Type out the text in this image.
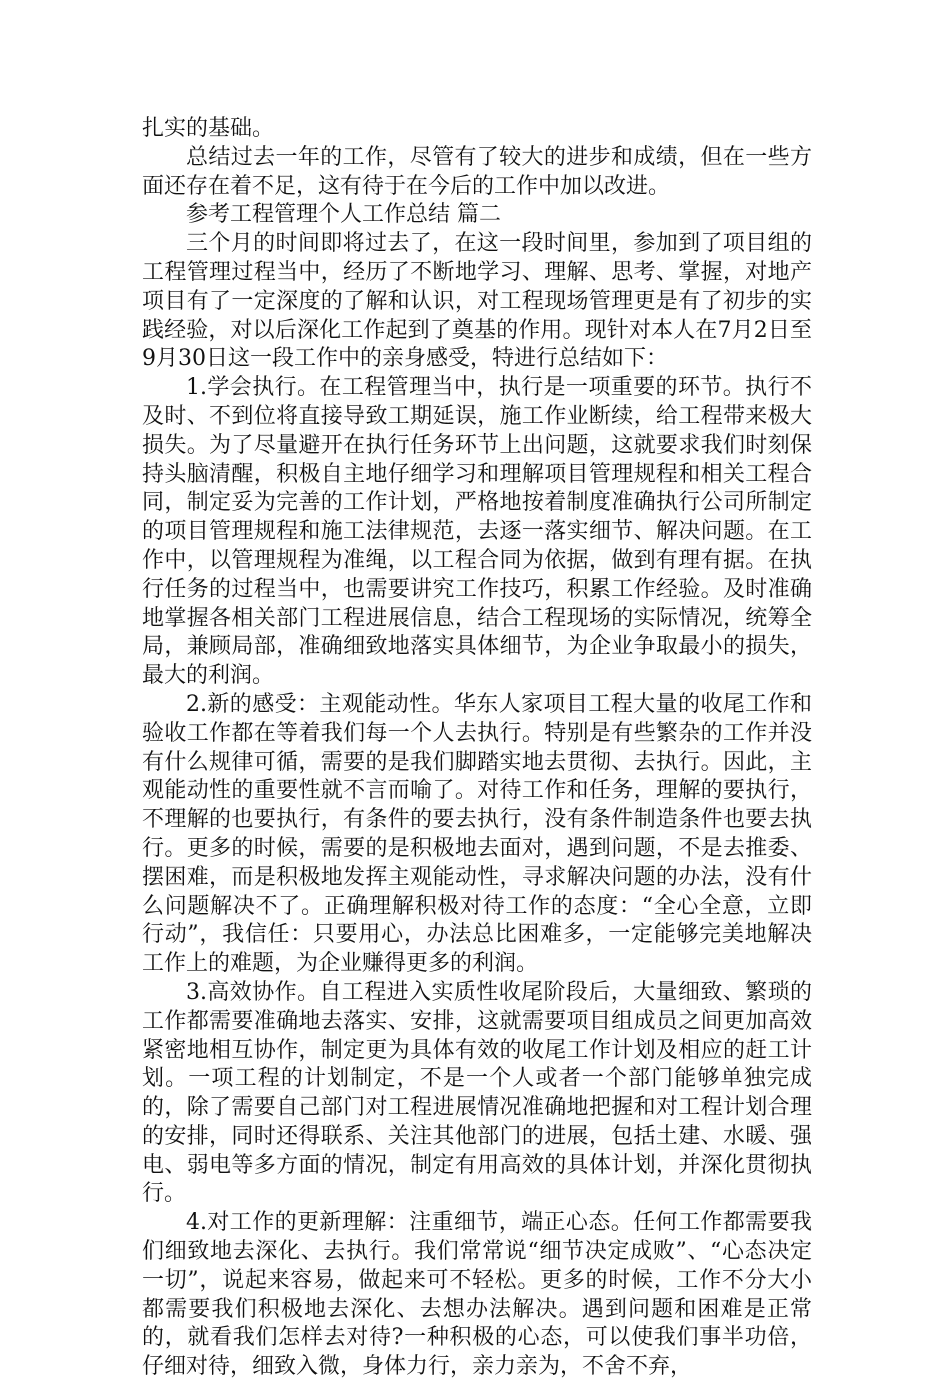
扎实的基础。

总结过去一年的工作，尽管有了较大的进步和成绩，但在一些方面还存在着不足，这有待于在今后的工作中加以改进。

参考工程管理个人工作总结 篇二

三个月的时间即将过去了，在这一段时间里，参加到了项目组的工程管理过程当中，经历了不断地学习、理解、思考、掌握，对地产项目有了一定深度的了解和认识，对工程现场管理更是有了初步的实践经验，对以后深化工作起到了奠基的作用。现针对本人在7月2日至9月30日这一段工作中的亲身感受，特进行总结如下：

1.学会执行。在工程管理当中，执行是一项重要的环节。执行不及时、不到位将直接导致工期延误，施工作业断续，给工程带来极大损失。为了尽量避开在执行任务环节上出问题，这就要求我们时刻保持头脑清醒，积极自主地仔细学习和理解项目管理规程和相关工程合同，制定妥为完善的工作计划，严格地按着制度准确执行公司所制定的项目管理规程和施工法律规范，去逐一落实细节、解决问题。在工作中，以管理规程为准绳，以工程合同为依据，做到有理有据。在执行任务的过程当中，也需要讲究工作技巧，积累工作经验。及时准确地掌握各相关部门工程进展信息，结合工程现场的实际情况，统筹全局，兼顾局部，准确细致地落实具体细节，为企业争取最小的损失，最大的利润。

2.新的感受：主观能动性。华东人家项目工程大量的收尾工作和验收工作都在等着我们每一个人去执行。特别是有些繁杂的工作并没有什么规律可循，需要的是我们脚踏实地去贯彻、去执行。因此，主观能动性的重要性就不言而喻了。对待工作和任务，理解的要执行，不理解的也要执行，有条件的要去执行，没有条件制造条件也要去执行。更多的时候，需要的是积极地去面对，遇到问题，不是去推委、摆困难，而是积极地发挥主观能动性，寻求解决问题的办法，没有什么问题解决不了。正确理解积极对待工作的态度：“全心全意，立即行动”，我信任：只要用心，办法总比困难多，一定能够完美地解决工作上的难题，为企业赚得更多的利润。

3.高效协作。自工程进入实质性收尾阶段后，大量细致、繁琐的工作都需要准确地去落实、安排，这就需要项目组成员之间更加高效紧密地相互协作，制定更为具体有效的收尾工作计划及相应的赶工计划。一项工程的计划制定，不是一个人或者一个部门能够单独完成的，除了需要自己部门对工程进展情况准确地把握和对工程计划合理的安排，同时还得联系、关注其他部门的进展，包括土建、水暖、强电、弱电等多方面的情况，制定有用高效的具体计划，并深化贯彻执行。

4.对工作的更新理解：注重细节，端正心态。任何工作都需要我们细致地去深化、去执行。我们常常说“细节决定成败”、“心态决定一切”，说起来容易，做起来可不轻松。更多的时候，工作不分大小都需要我们积极地去深化、去想办法解决。遇到问题和困难是正常的，就看我们怎样去对待?一种积极的心态，可以使我们事半功倍，仔细对待，细致入微，身体力行，亲力亲为，不舍不弃，
